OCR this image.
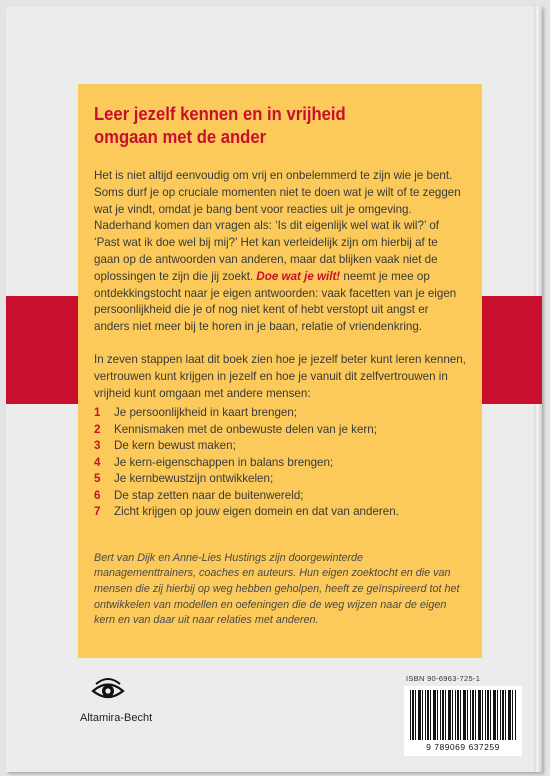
Leer jezelf kennen en in vrijheid
omgaan met de ander

Het is niet altijd eenvoudig om vrij en onbelemmerd te zijn wie je bent. Soms durf je op cruciale momenten niet te doen wat je wilt of te zeggen wat je vindt, omdat je bang bent voor reacties uit je omgeving. Naderhand komen dan vragen als: ‘Is dit eigenlijk wel wat ik wil?’ of ‘Past wat ik doe wel bij mij?’ Het kan verleidelijk zijn om hierbij af te gaan op de antwoorden van anderen, maar dat blijken vaak niet de oplossingen te zijn die jij zoekt. Doe wat je wilt! neemt je mee op ontdekkingstocht naar je eigen antwoorden: vaak facetten van je eigen persoonlijkheid die je of nog niet kent of hebt verstopt uit angst er anders niet meer bij te horen in je baan, relatie of vriendenkring.

In zeven stappen laat dit boek zien hoe je jezelf beter kunt leren kennen, vertrouwen kunt krijgen in jezelf en hoe je vanuit dit zelfvertrouwen in vrijheid kunt omgaan met andere mensen:

1	Je persoonlijkheid in kaart brengen;
2	Kennismaken met de onbewuste delen van je kern;
3	De kern bewust maken;
4	Je kern-eigenschappen in balans brengen;
5	Je kernbewustzijn ontwikkelen;
6	De stap zetten naar de buitenwereld;
7	Zicht krijgen op jouw eigen domein en dat van anderen.

Bert van Dijk en Anne-Lies Hustings zijn doorgewinterde managementtrainers, coaches en auteurs. Hun eigen zoektocht en die van mensen die zij hierbij op weg hebben geholpen, heeft ze geïnspireerd tot het ontwikkelen van modellen en oefeningen die de weg wijzen naar de eigen kern en van daar uit naar relaties met anderen.

Altamira-Becht
ISBN 90-6963-725-1
9 789069 637259
